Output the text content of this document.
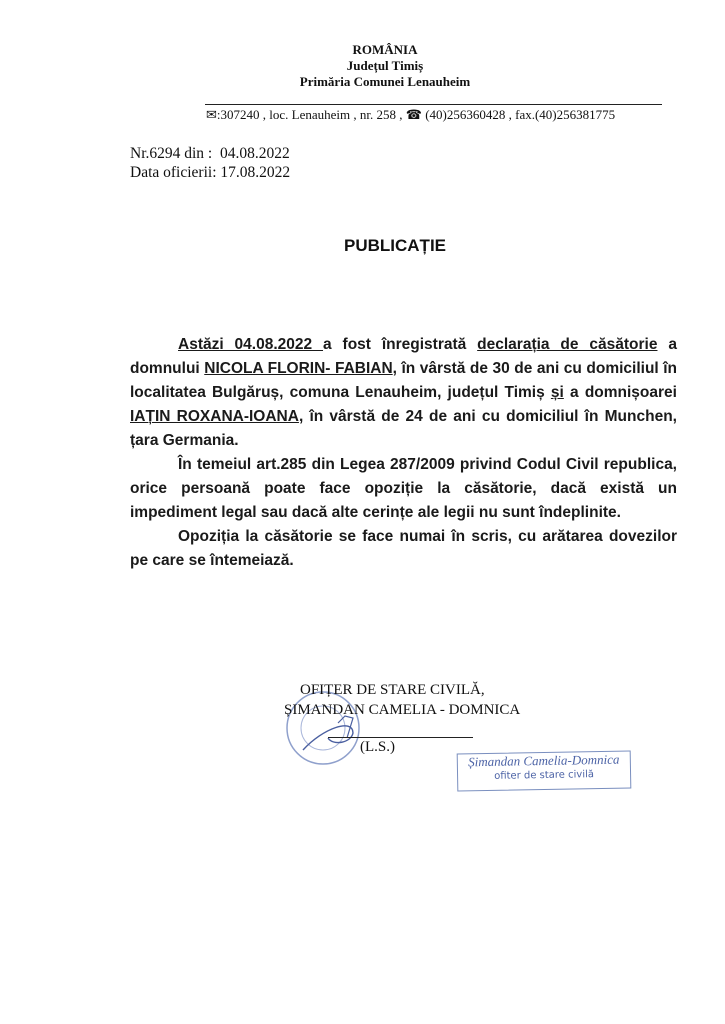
ROMÂNIA
Județul Timiș
Primăria Comunei Lenauheim
✉:307240 , loc. Lenauheim , nr. 258 , ☎ (40)256360428 , fax.(40)256381775
Nr.6294 din :  04.08.2022
Data oficierii: 17.08.2022
PUBLICAȚIE

Astăzi 04.08.2022 a fost înregistrată declarația de căsătorie a domnului NICOLA FLORIN- FABIAN, în vârstă de 30 de ani cu domiciliul în localitatea Bulgăruș, comuna Lenauheim, județul Timiș și a domnișoarei IAȚIN ROXANA-IOANA, în vârstă de 24 de ani cu domiciliul în Munchen, țara Germania.

În temeiul art.285 din Legea 287/2009 privind Codul Civil republica, orice persoană poate face opoziție la căsătorie, dacă există un impediment legal sau dacă alte cerințe ale legii nu sunt îndeplinite.

Opoziția la căsătorie se face numai în scris, cu arătarea dovezilor pe care se întemeiază.

OFIȚER DE STARE CIVILĂ,
ȘIMANDAN CAMELIA - DOMNICA
(L.S.)
Șimandan Camelia-Domnica
ofiter de stare civilă
